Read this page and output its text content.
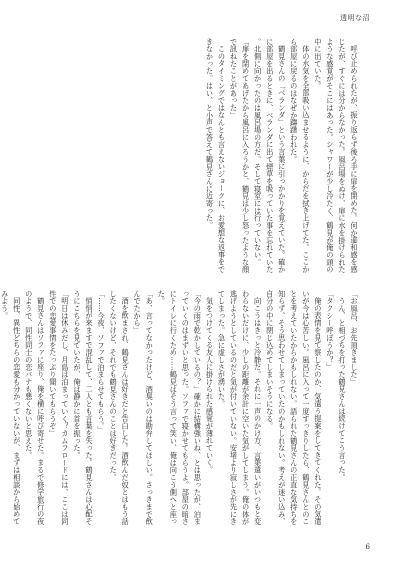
透明な沼

呼び止められたが、振り返らず後ろ手に扉を閉めた。何か違和感を感じたが、すぐには分からなかった。風呂場をぬけ、扉に水を掛けられたような感覚がそこにはあった。シャワーが少し冷たく、鶴見が俺の頭の中に出ていた。

体の水気を全部吸い込ませるように、からだを拭き上げてた。ここから部屋に戻るのはなぜか躊躇われた。

鶴見さんの「ベランダ」という言葉に引っかかりを覚えていた。確かに部屋を出るときに、ベランダに出て煙草を吸っていた事を忘れていた。北側に向かったのは風呂場の方だ。そして寝室には行っていない。

「扉を閉めてあげたから風呂に入ろうかと、鶴見は少し怒ったような顔で訊ねたことがあった」

このタイミングではなんとも言えないジョークに、お愛想な返事をできなかった。はい、と小声で答えて鶴見さんに近寄った。

「お風呂、お先頂きました」

うん、と相づちを打った鶴見さんは続けてこう言った。

「タクシー呼ぼうか？」

俺の表情を見て察したのか、気遣う提案をしてきてくれた。その気遣いが今は心苦しい。風呂に入って一度すっきりしたら、鶴見さんとのことを考えていたからかもしれない。語られた鶴見さんの正直な気持ちを知らず、そう思わせてしまっていたのかもしれない。考えが迷い込み、自分の中に閉じ込めてしまいそうになる。

向こうはきっと冷静だ。それに一声のかけ方、言葉遣いがいつもと変わらないだけに、少しの距離が余計に空いた気がしてしまう。俺の体が逃げようとしているのだと気が付いていない。安堵より寂しさが先にきてしまった。急に虚しさが湧いた。

気をつけてくる友人に掛けられた感覚が薄れていく。

「今の雨で乾かしているの？」確かに結構強いね、とは思ったが、泊まっていくのはまずいと思った。ソファで寝かせてもらうよ。部屋の暗さにトイレに行くため……鶴見はそう言って笑い、俺は向こう側へと座った。

「あ、言ってなかったけど、酒臭いのは勘弁してほしい。さっきまで飲んでたから」

酒を飲まされ、鶴見さんは好きだと告白した。酒飲んだ奴とはもう話したくないけど、それでも鶴見さんのことは好きだった。

「……今夜、ソファで泊まらせてもらう。」

悄悄が来ますで混乱して、二人とも言葉を失った。鶴見さんは心配そうにこちらを見ていたが、俺は静かに首を振った。

「明日は休みだし、月島は泊まっていく？カムフロードには、ここは同性での恋愛事情をたっぷり聞いてもらうぞ」

鶴見さんはソファに座り、俺を横に呼び寄せた。まるで修学旅行の夜のようで、同性同士の恋バナも悪くないと思えた。

同性、異性どちらの恋愛も分かっていないが、まずは相談から始めてみよう。

6
